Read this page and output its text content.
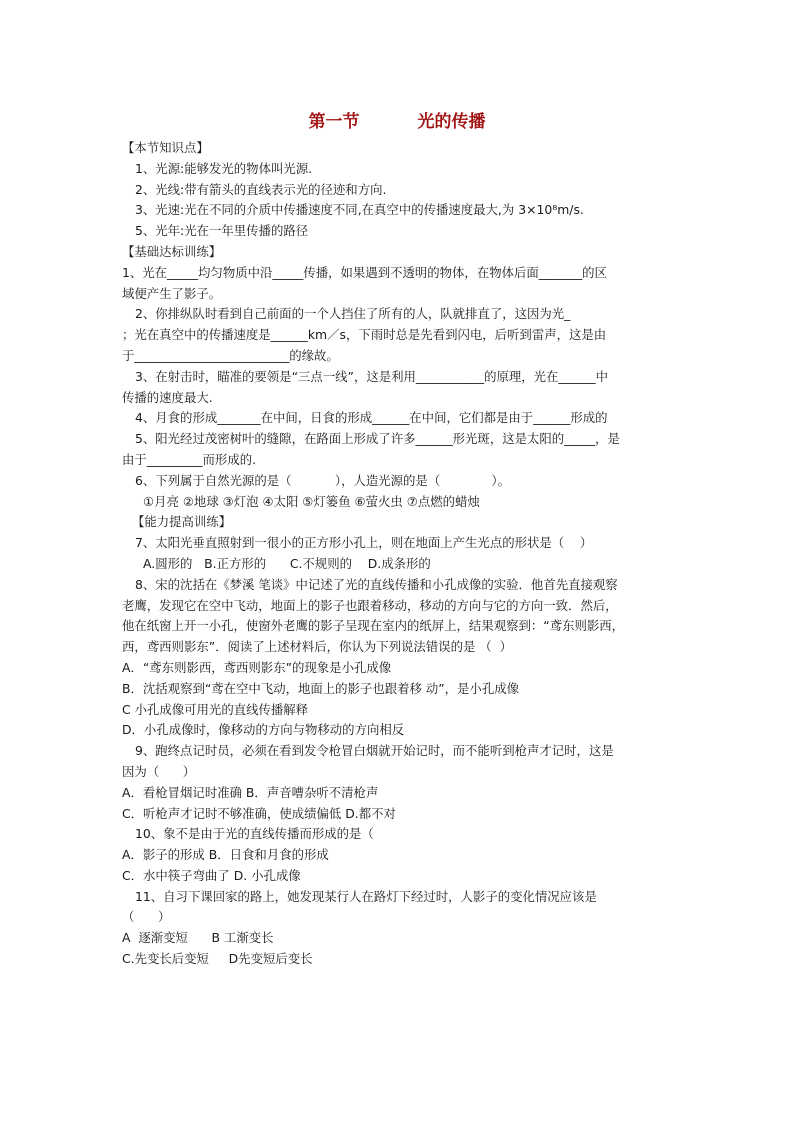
第一节	光的传播
【本节知识点】
1、光源:能够发光的物体叫光源.
2、光线:带有箭头的直线表示光的径迹和方向.
3、光速:光在不同的介质中传播速度不同,在真空中的传播速度最大,为 3×10⁸m/s.
5、光年:光在一年里传播的路径
【基础达标训练】
1、光在_____均匀物质中沿_____传播，如果遇到不透明的物体，在物体后面_______的区
域便产生了影子。
2、你排纵队时看到自己前面的一个人挡住了所有的人，队就排直了，这因为光_
；光在真空中的传播速度是______km／s，下雨时总是先看到闪电，后听到雷声，这是由
于_________________________的缘故。
3、在射击时，瞄准的要领是“三点一线”，这是利用___________的原理，光在______中
传播的速度最大.
4、月食的形成_______在中间，日食的形成______在中间，它们都是由于______形成的
5、阳光经过茂密树叶的缝隙，在路面上形成了许多______形光斑，这是太阳的_____，是
由于_________而形成的.
6、下列属于自然光源的是（           ），人造光源的是（             ）。
①月亮 ②地球 ③灯泡 ④太阳 ⑤灯篓鱼 ⑥萤火虫 ⑦点燃的蜡烛
【能力提高训练】
7、太阳光垂直照射到一很小的正方形小孔上，则在地面上产生光点的形状是（    ）
A.圆形的   B.正方形的      C.不规则的    D.成条形的
8、宋的沈括在《梦溪 笔谈》中记述了光的直线传播和小孔成像的实验．他首先直接观察
老鹰，发现它在空中飞动，地面上的影子也跟着移动，移动的方向与它的方向一致．然后，
他在纸窗上开一小孔，使窗外老鹰的影子呈现在室内的纸屏上，结果观察到：“鸢东则影西，
西，鸢西则影东”．阅读了上述材料后，你认为下列说法错误的是 （  ）
A．“鸢东则影西，鸢西则影东”的现象是小孔成像
B．沈括观察到“鸢在空中飞动，地面上的影子也跟着移 动”，是小孔成像
C 小孔成像可用光的直线传播解释
D．小孔成像时，像移动的方向与物移动的方向相反
9、跑终点记时员，必须在看到发令枪冒白烟就开始记时，而不能听到枪声才记时，这是
因为（      ）
A．看枪冒烟记时准确 B．声音嘈杂听不清枪声
C．听枪声才记时不够准确，使成绩偏低 D.都不对
10、象不是由于光的直线传播而形成的是（
A．影子的形成 B．日食和月食的形成
C．水中筷子弯曲了 D. 小孔成像
11、自习下课回家的路上，她发现某行人在路灯下经过时，人影子的变化情况应该是
（      ）
A  逐渐变短      B 工渐变长
C.先变长后变短     D先变短后变长
